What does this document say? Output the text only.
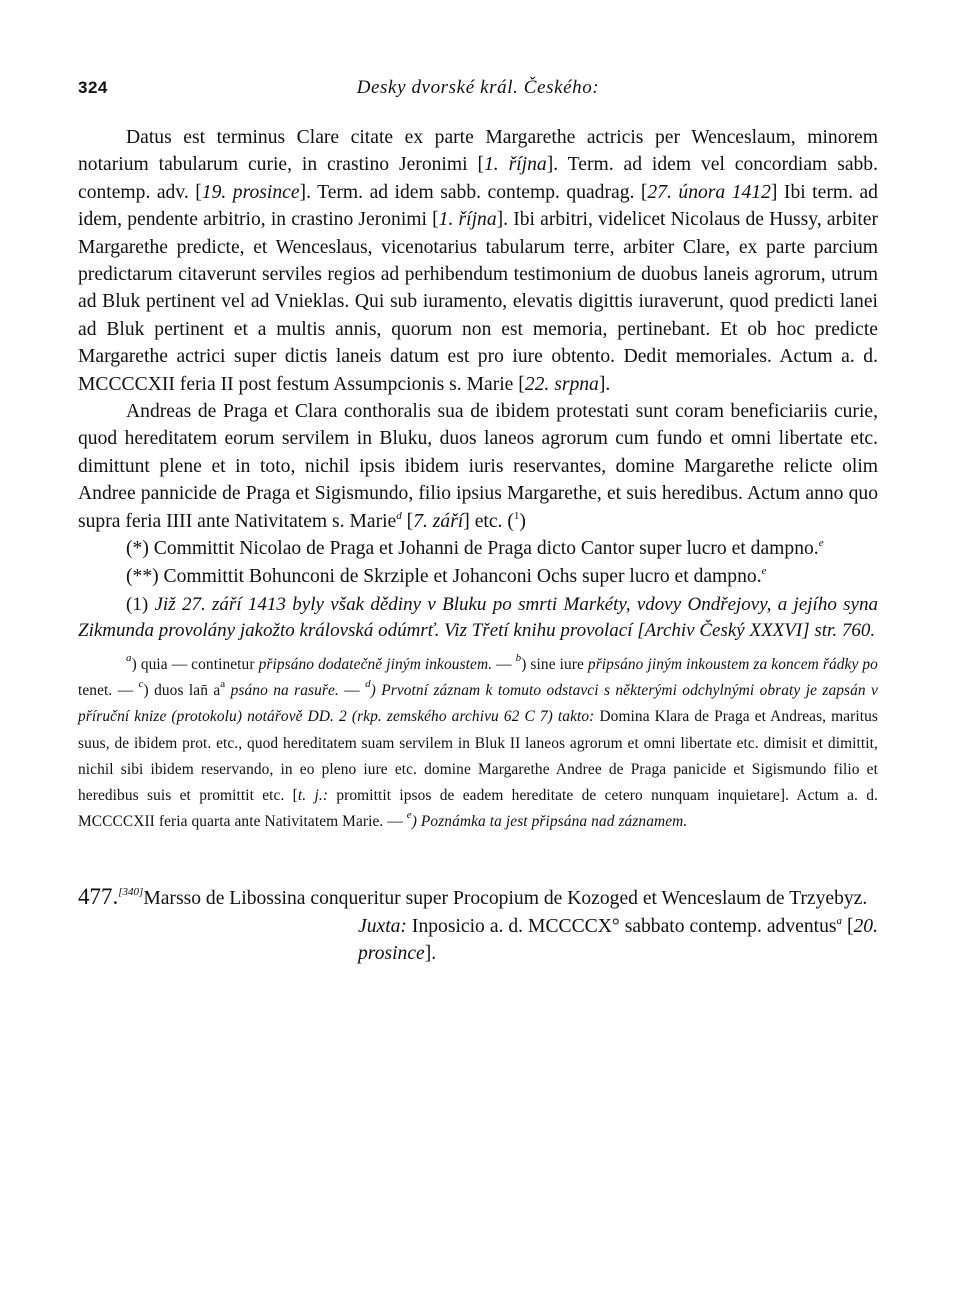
324	Desky dvorské král. Českého:

Datus est terminus Clare citate ex parte Margarethe actricis per Wenceslaum, minorem notarium tabularum curie, in crastino Jeronimi [1. října]. Term. ad idem vel concordiam sabb. contemp. adv. [19. prosince]. Term. ad idem sabb. contemp. quadrag. [27. února 1412] Ibi term. ad idem, pendente arbitrio, in crastino Jeronimi [1. října]. Ibi arbitri, videlicet Nicolaus de Hussy, arbiter Margarethe predicte, et Wenceslaus, vicenotarius tabularum terre, arbiter Clare, ex parte parcium predictarum citaverunt serviles regios ad perhibendum testimonium de duobus laneis agrorum, utrum ad Bluk pertinent vel ad Vnieklas. Qui sub iuramento, elevatis digittis iuraverunt, quod predicti lanei ad Bluk pertinent et a multis annis, quorum non est memoria, pertinebant. Et ob hoc predicte Margarethe actrici super dictis laneis datum est pro iure obtento. Dedit memoriales. Actum a. d. MCCCCXII feria II post festum Assumpcionis s. Marie [22. srpna].

Andreas de Praga et Clara conthoralis sua de ibidem protestati sunt coram beneficiariis curie, quod hereditatem eorum servilem in Bluku, duos laneos agrorum cum fundo et omni libertate etc. dimittunt plene et in toto, nichil ipsis ibidem iuris reservantes, domine Margarethe relicte olim Andree pannicide de Praga et Sigismundo, filio ipsius Margarethe, et suis heredibus. Actum anno quo supra feria IIII ante Nativitatem s. Marie$^d$ [7. září] etc. ($^1$)

(*) Committit Nicolao de Praga et Johanni de Praga dicto Cantor super lucro et dampno.$^e$

(**) Committit Bohunconi de Skrziple et Johanconi Ochs super lucro et dampno.$^e$

(1) Již 27. září 1413 byly však dědiny v Bluku po smrti Markéty, vdovy Ondřejovy, a jejího syna Zikmunda provolány jakožto královská odúmrť. Viz Třetí knihu provolací [Archiv Český XXXVI] str. 760.
$^a$) quia — continetur připsáno dodatečně jiným inkoustem. — $^b$) sine iure připsáno jiným inkoustem za koncem řádky po tenet. — $^c$) duos lan̄ $a^a$ psáno na rasuře. — $^d$) Prvotní záznam k tomuto odstavci s některými odchylnými obraty je zapsán v příruční knize (protokolu) notářově DD. 2 (rkp. zemského archivu 62 C 7) takto: Domina Klara de Praga et Andreas, maritus suus, de ibidem prot. etc., quod hereditatem suam servilem in Bluk II laneos agrorum et omni libertate etc. dimisit et dimittit, nichil sibi ibidem reservando, in eo pleno iure etc. domine Margarethe Andree de Praga panicide et Sigismundo filio et heredibus suis et promittit etc. [t. j.: promittit ipsos de eadem hereditate de cetero nunquam inquietare]. Actum a. d. MCCCCXII feria quarta ante Nativitatem Marie. — $^e$) Poznámka ta jest připsána nad záznamem.
477.[340]Marsso de Libossina conqueritur super Procopium de Kozoged et Wenceslaum de Trzyebyz.
Juxta: Inposicio a. d. MCCCCX° sabbato contemp. adventus$^a$ [20. prosince].
